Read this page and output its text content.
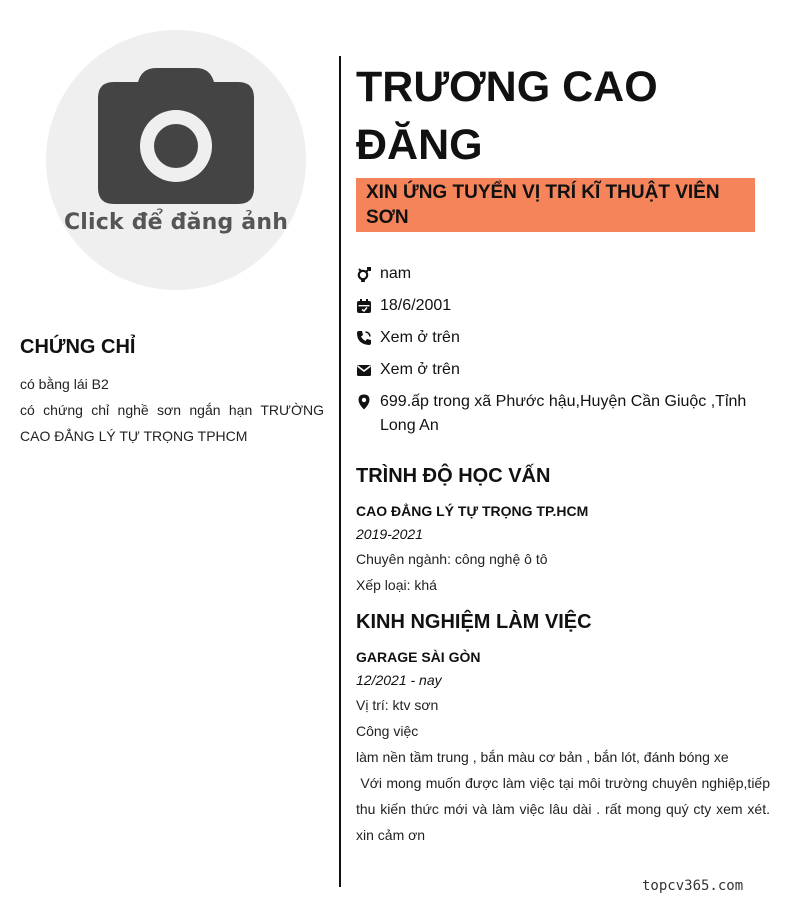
Click để đăng ảnh
CHỨNG CHỈ

có bằng lái B2

có chứng chỉ nghề sơn ngắn hạn TRƯỜNG CAO ĐẲNG LÝ TỰ TRỌNG TPHCM

TRƯƠNG CAO ĐĂNG
XIN ỨNG TUYỂN VỊ TRÍ KĨ THUẬT VIÊN SƠN
nam
18/6/2001
Xem ở trên
Xem ở trên
699.ấp trong xã Phước hậu,Huyện Cần Giuộc ,Tỉnh Long An
TRÌNH ĐỘ HỌC VẤN
CAO ĐẲNG LÝ TỰ TRỌNG TP.HCM
2019-2021
Chuyên ngành: công nghệ ô tô
Xếp loại: khá
KINH NGHIỆM LÀM VIỆC
GARAGE SÀI GÒN
12/2021 - nay
Vị trí: ktv sơn
Công việc
làm nền tầm trung , bắn màu cơ bản , bắn lót, đánh bóng xe
Với mong muốn được làm việc tại môi trường chuyên nghiệp,tiếp thu kiến thức mới và làm việc lâu dài . rất mong quý cty xem xét. xin cảm ơn
topcv365.com
